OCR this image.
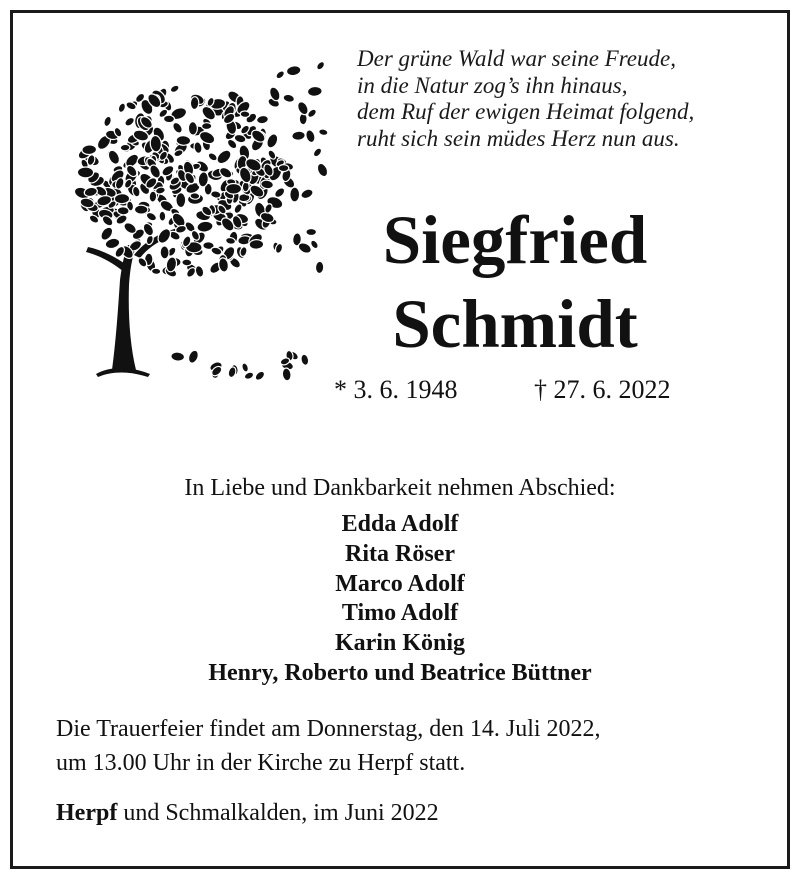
Der grüne Wald war seine Freude,
in die Natur zog’s ihn hinaus,
dem Ruf der ewigen Heimat folgend,
ruht sich sein müdes Herz nun aus.
Siegfried
Schmidt
* 3. 6. 1948	† 27. 6. 2022
In Liebe und Dankbarkeit nehmen Abschied:
Edda Adolf
Rita Röser
Marco Adolf
Timo Adolf
Karin König
Henry, Roberto und Beatrice Büttner
Die Trauerfeier findet am Donnerstag, den 14. Juli 2022,
um 13.00 Uhr in der Kirche zu Herpf statt.
Herpf und Schmalkalden, im Juni 2022
